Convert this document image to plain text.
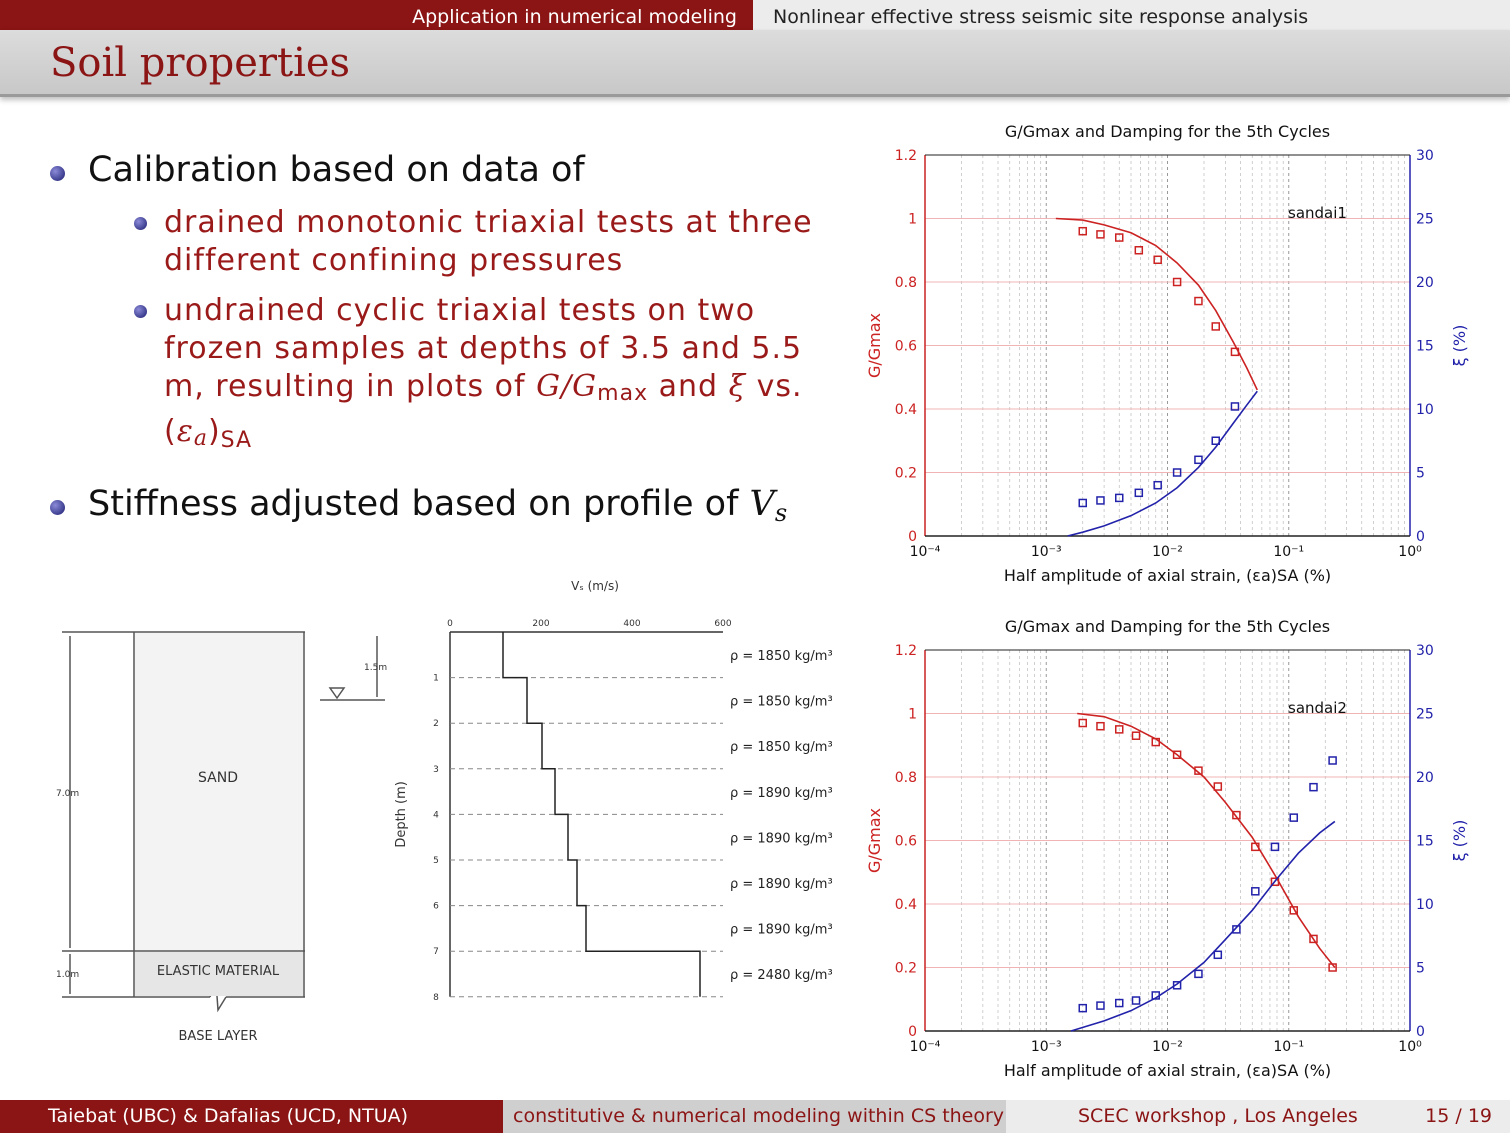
Application in numerical modeling	Nonlinear effective stress seismic site response analysis
Soil properties
Calibration based on data of
drained monotonic triaxial tests at three different confining pressures
undrained cyclic triaxial tests on two frozen samples at depths of 3.5 and 5.5 m, resulting in plots of G/Gmax and ξ vs. $(\varepsilon a)_{SA}$
Stiffness adjusted based on profile of Vs
SAND
ELASTIC MATERIAL
BASE LAYER
7.0m
1.0m
1.5m
0	200	400	600
1
2
3
4
5
6
7
8
ρ = 1850 kg/m³
ρ = 1850 kg/m³
ρ = 1850 kg/m³
ρ = 1890 kg/m³
ρ = 1890 kg/m³
ρ = 1890 kg/m³
ρ = 1890 kg/m³
ρ = 2480 kg/m³
Vₛ (m/s)
Depth (m)
G/Gmax and Damping for the 5th Cycles
10⁻⁴	10⁻³	10⁻²	10⁻¹	10⁰
0
0.2
0.4
0.6
0.8
1
1.2
0
5
10
15
20
25
30
Half amplitude of axial strain, (εa)SA (%)
G/Gmax	ξ (%)
sandai1
G/Gmax and Damping for the 5th Cycles
10⁻⁴	10⁻³	10⁻²	10⁻¹	10⁰
0
0.2
0.4
0.6
0.8
1
1.2
0
5
10
15
20
25
30
Half amplitude of axial strain, (εa)SA (%)
G/Gmax	ξ (%)
sandai2
Taiebat (UBC) & Dafalias (UCD, NTUA)	constitutive & numerical modeling within CS theory	SCEC workshop , Los Angeles	15 / 19
